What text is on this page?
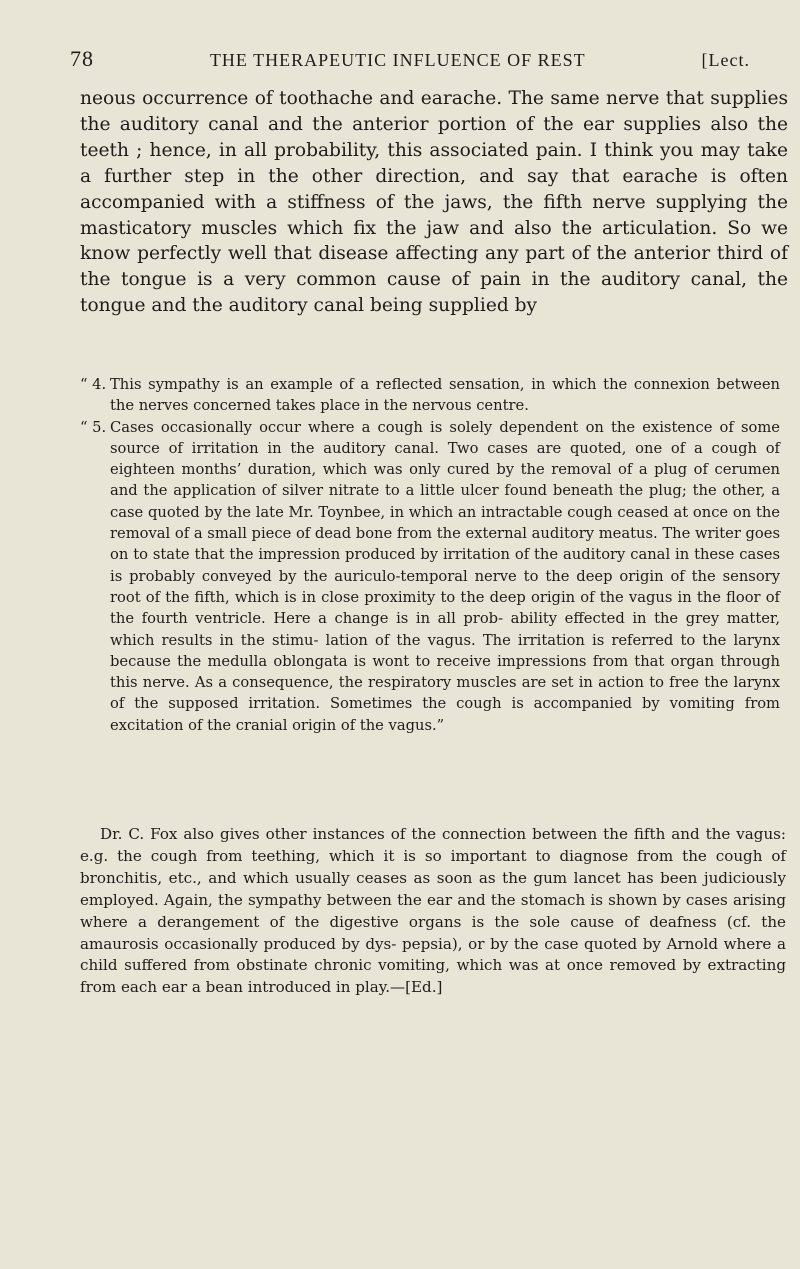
78	THE THERAPEUTIC INFLUENCE OF REST	[Lect.

neous occurrence of toothache and earache. The same nerve that supplies the auditory canal and the anterior portion of the ear supplies also the teeth ; hence, in all probability, this associated pain. I think you may take a further step in the other direction, and say that earache is often accompanied with a stiffness of the jaws, the fifth nerve supplying the masticatory muscles which fix the jaw and also the articulation. So we know perfectly well that disease affecting any part of the anterior third of the tongue is a very common cause of pain in the auditory canal, the tongue and the auditory canal being supplied by

“ 4. This sympathy is an example of a reflected sensation, in which the connexion between the nerves concerned takes place in the nervous centre.

“ 5. Cases occasionally occur where a cough is solely dependent on the existence of some source of irritation in the auditory canal. Two cases are quoted, one of a cough of eighteen months’ duration, which was only cured by the removal of a plug of cerumen and the application of silver nitrate to a little ulcer found beneath the plug; the other, a case quoted by the late Mr. Toynbee, in which an intractable cough ceased at once on the removal of a small piece of dead bone from the external auditory meatus. The writer goes on to state that the impression produced by irritation of the auditory canal in these cases is probably conveyed by the auriculo-temporal nerve to the deep origin of the sensory root of the fifth, which is in close proximity to the deep origin of the vagus in the floor of the fourth ventricle. Here a change is in all prob- ability effected in the grey matter, which results in the stimu- lation of the vagus. The irritation is referred to the larynx because the medulla oblongata is wont to receive impressions from that organ through this nerve. As a consequence, the respiratory muscles are set in action to free the larynx of the supposed irritation. Sometimes the cough is accompanied by vomiting from excitation of the cranial origin of the vagus.”

Dr. C. Fox also gives other instances of the connection between the fifth and the vagus: e.g. the cough from teething, which it is so important to diagnose from the cough of bronchitis, etc., and which usually ceases as soon as the gum lancet has been judiciously employed. Again, the sympathy between the ear and the stomach is shown by cases arising where a derangement of the digestive organs is the sole cause of deafness (cf. the amaurosis occasionally produced by dys- pepsia), or by the case quoted by Arnold where a child suffered from obstinate chronic vomiting, which was at once removed by extracting from each ear a bean introduced in play.—[Ed.]
